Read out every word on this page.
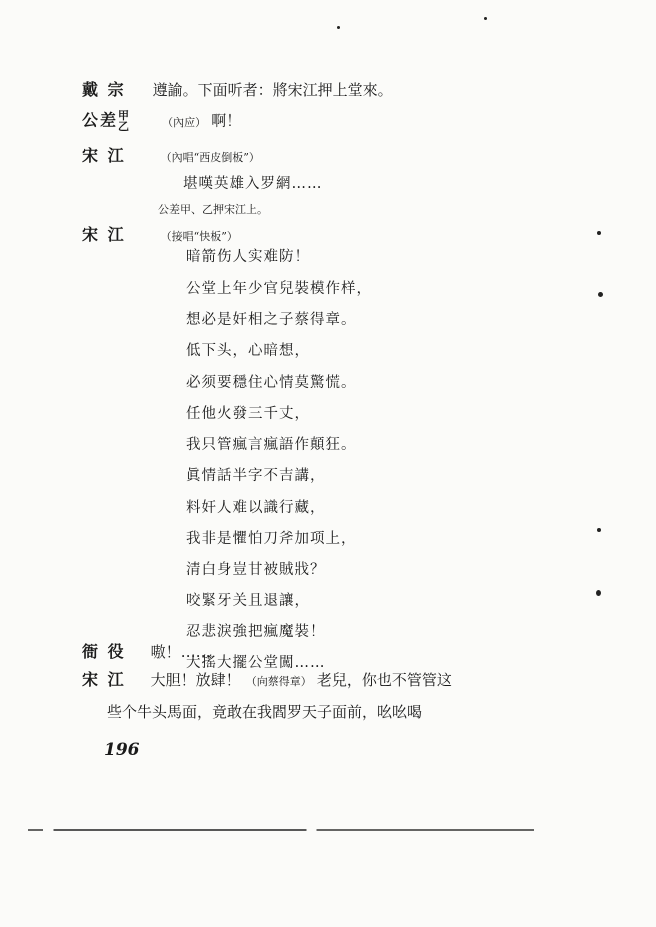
戴 宗 遵諭。下面听者：將宋江押上堂來。
公差甲
乙	（內应） 啊！
宋 江	（內唱“西皮倒板”）
堪嘆英雄入罗網……
公差甲、乙押宋江上。
宋 江	（接唱“快板”）
暗箭伤人实难防！
公堂上年少官兒裝模作样，
想必是奸相之子蔡得章。
低下头，心暗想，
必须要穩住心情莫驚慌。
任他火發三千丈，
我只管瘋言瘋語作顛狂。
眞情話半字不吉講，
料奸人难以識行藏，
我非是懼怕刀斧加项上，
清白身豈甘被賊戕？
咬緊牙关且退讓，
忍悲淚強把瘋魔裝！
大搖大擺公堂闖……
衙 役 嗷！……
宋 江 大胆！放肆！ （向蔡得章） 老兒，你也不管管这
些个牛头馬面，竟敢在我閻罗天子面前，吆吆喝
196
